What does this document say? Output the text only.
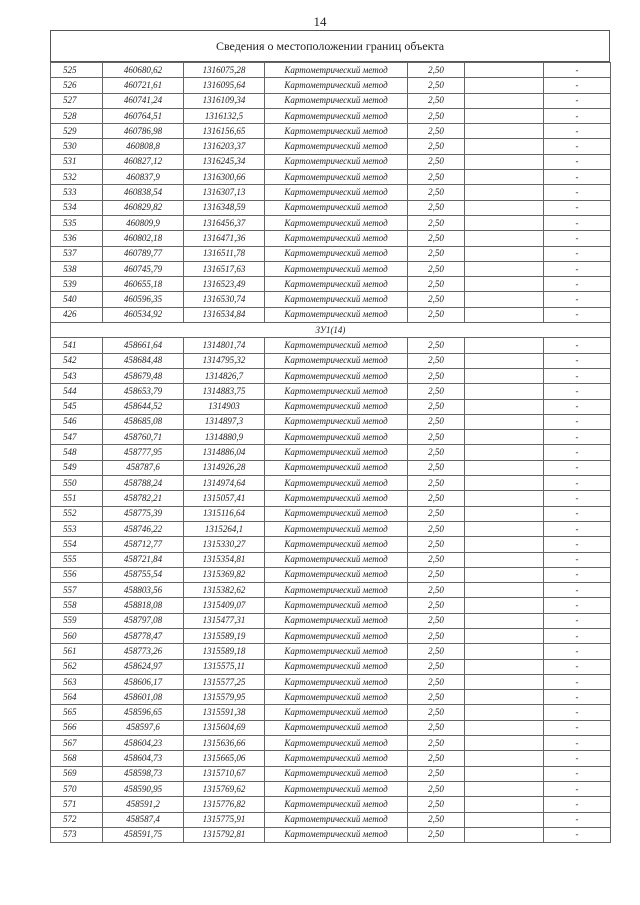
14
Сведения о местоположении границ объекта
525	460680,62	1316075,28	Картометрический метод	2,50		-
526	460721,61	1316095,64	Картометрический метод	2,50		-
527	460741,24	1316109,34	Картометрический метод	2,50		-
528	460764,51	1316132,5	Картометрический метод	2,50		-
529	460786,98	1316156,65	Картометрический метод	2,50		-
530	460808,8	1316203,37	Картометрический метод	2,50		-
531	460827,12	1316245,34	Картометрический метод	2,50		-
532	460837,9	1316300,66	Картометрический метод	2,50		-
533	460838,54	1316307,13	Картометрический метод	2,50		-
534	460829,82	1316348,59	Картометрический метод	2,50		-
535	460809,9	1316456,37	Картометрический метод	2,50		-
536	460802,18	1316471,36	Картометрический метод	2,50		-
537	460789,77	1316511,78	Картометрический метод	2,50		-
538	460745,79	1316517,63	Картометрический метод	2,50		-
539	460655,18	1316523,49	Картометрический метод	2,50		-
540	460596,35	1316530,74	Картометрический метод	2,50		-
426	460534,92	1316534,84	Картометрический метод	2,50		-
ЗУ1(14)						
541	458661,64	1314801,74	Картометрический метод	2,50		-
542	458684,48	1314795,32	Картометрический метод	2,50		-
543	458679,48	1314826,7	Картометрический метод	2,50		-
544	458653,79	1314883,75	Картометрический метод	2,50		-
545	458644,52	1314903	Картометрический метод	2,50		-
546	458685,08	1314897,3	Картометрический метод	2,50		-
547	458760,71	1314880,9	Картометрический метод	2,50		-
548	458777,95	1314886,04	Картометрический метод	2,50		-
549	458787,6	1314926,28	Картометрический метод	2,50		-
550	458788,24	1314974,64	Картометрический метод	2,50		-
551	458782,21	1315057,41	Картометрический метод	2,50		-
552	458775,39	1315116,64	Картометрический метод	2,50		-
553	458746,22	1315264,1	Картометрический метод	2,50		-
554	458712,77	1315330,27	Картометрический метод	2,50		-
555	458721,84	1315354,81	Картометрический метод	2,50		-
556	458755,54	1315369,82	Картометрический метод	2,50		-
557	458803,56	1315382,62	Картометрический метод	2,50		-
558	458818,08	1315409,07	Картометрический метод	2,50		-
559	458797,08	1315477,31	Картометрический метод	2,50		-
560	458778,47	1315589,19	Картометрический метод	2,50		-
561	458773,26	1315589,18	Картометрический метод	2,50		-
562	458624,97	1315575,11	Картометрический метод	2,50		-
563	458606,17	1315577,25	Картометрический метод	2,50		-
564	458601,08	1315579,95	Картометрический метод	2,50		-
565	458596,65	1315591,38	Картометрический метод	2,50		-
566	458597,6	1315604,69	Картометрический метод	2,50		-
567	458604,23	1315636,66	Картометрический метод	2,50		-
568	458604,73	1315665,06	Картометрический метод	2,50		-
569	458598,73	1315710,67	Картометрический метод	2,50		-
570	458590,95	1315769,62	Картометрический метод	2,50		-
571	458591,2	1315776,82	Картометрический метод	2,50		-
572	458587,4	1315775,91	Картометрический метод	2,50		-
573	458591,75	1315792,81	Картометрический метод	2,50		-
